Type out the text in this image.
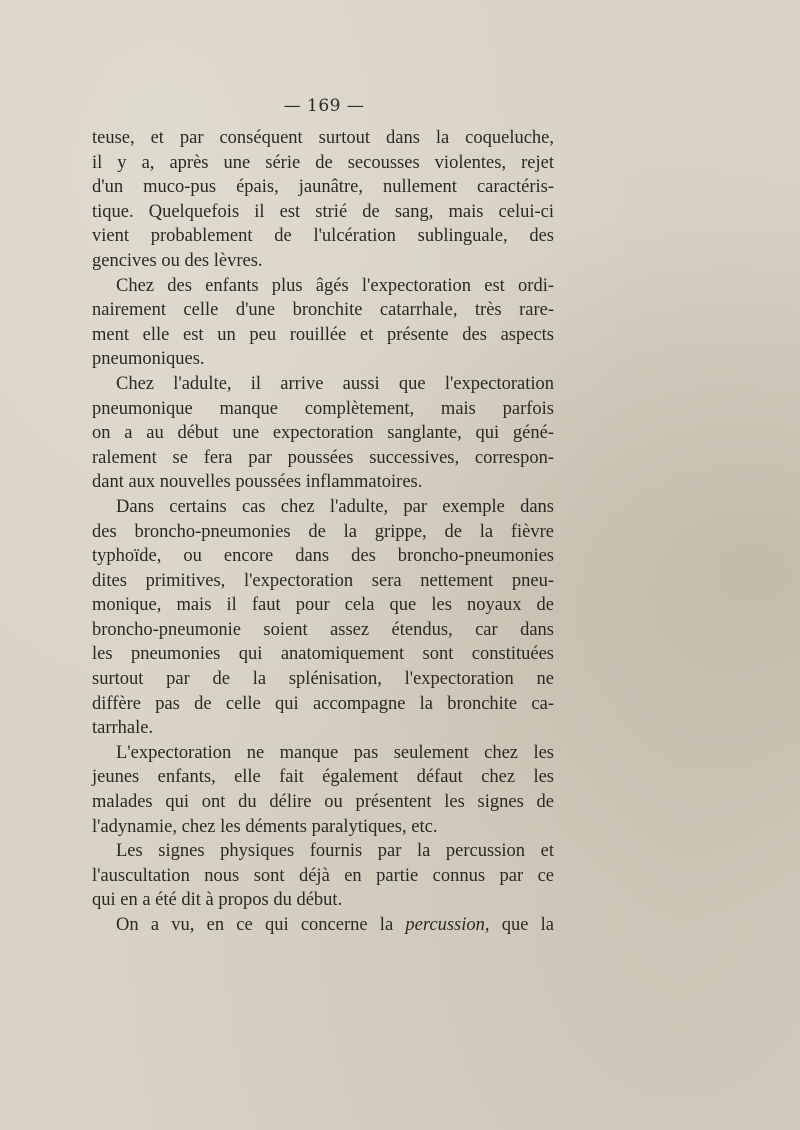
— 169 —
teuse, et par conséquent surtout dans la coqueluche,
il y a, après une série de secousses violentes, rejet
d'un muco-pus épais, jaunâtre, nullement caractéris-
tique. Quelquefois il est strié de sang, mais celui-ci
vient probablement de l'ulcération sublinguale, des
gencives ou des lèvres.
Chez des enfants plus âgés l'expectoration est ordi-
nairement celle d'une bronchite catarrhale, très rare-
ment elle est un peu rouillée et présente des aspects
pneumoniques.
Chez l'adulte, il arrive aussi que l'expectoration
pneumonique manque complètement, mais parfois
on a au début une expectoration sanglante, qui géné-
ralement se fera par poussées successives, correspon-
dant aux nouvelles poussées inflammatoires.
Dans certains cas chez l'adulte, par exemple dans
des broncho-pneumonies de la grippe, de la fièvre
typhoïde, ou encore dans des broncho-pneumonies
dites primitives, l'expectoration sera nettement pneu-
monique, mais il faut pour cela que les noyaux de
broncho-pneumonie soient assez étendus, car dans
les pneumonies qui anatomiquement sont constituées
surtout par de la splénisation, l'expectoration ne
diffère pas de celle qui accompagne la bronchite ca-
tarrhale.
L'expectoration ne manque pas seulement chez les
jeunes enfants, elle fait également défaut chez les
malades qui ont du délire ou présentent les signes de
l'adynamie, chez les déments paralytiques, etc.
Les signes physiques fournis par la percussion et
l'auscultation nous sont déjà en partie connus par ce
qui en a été dit à propos du début.
On a vu, en ce qui concerne la percussion, que la
